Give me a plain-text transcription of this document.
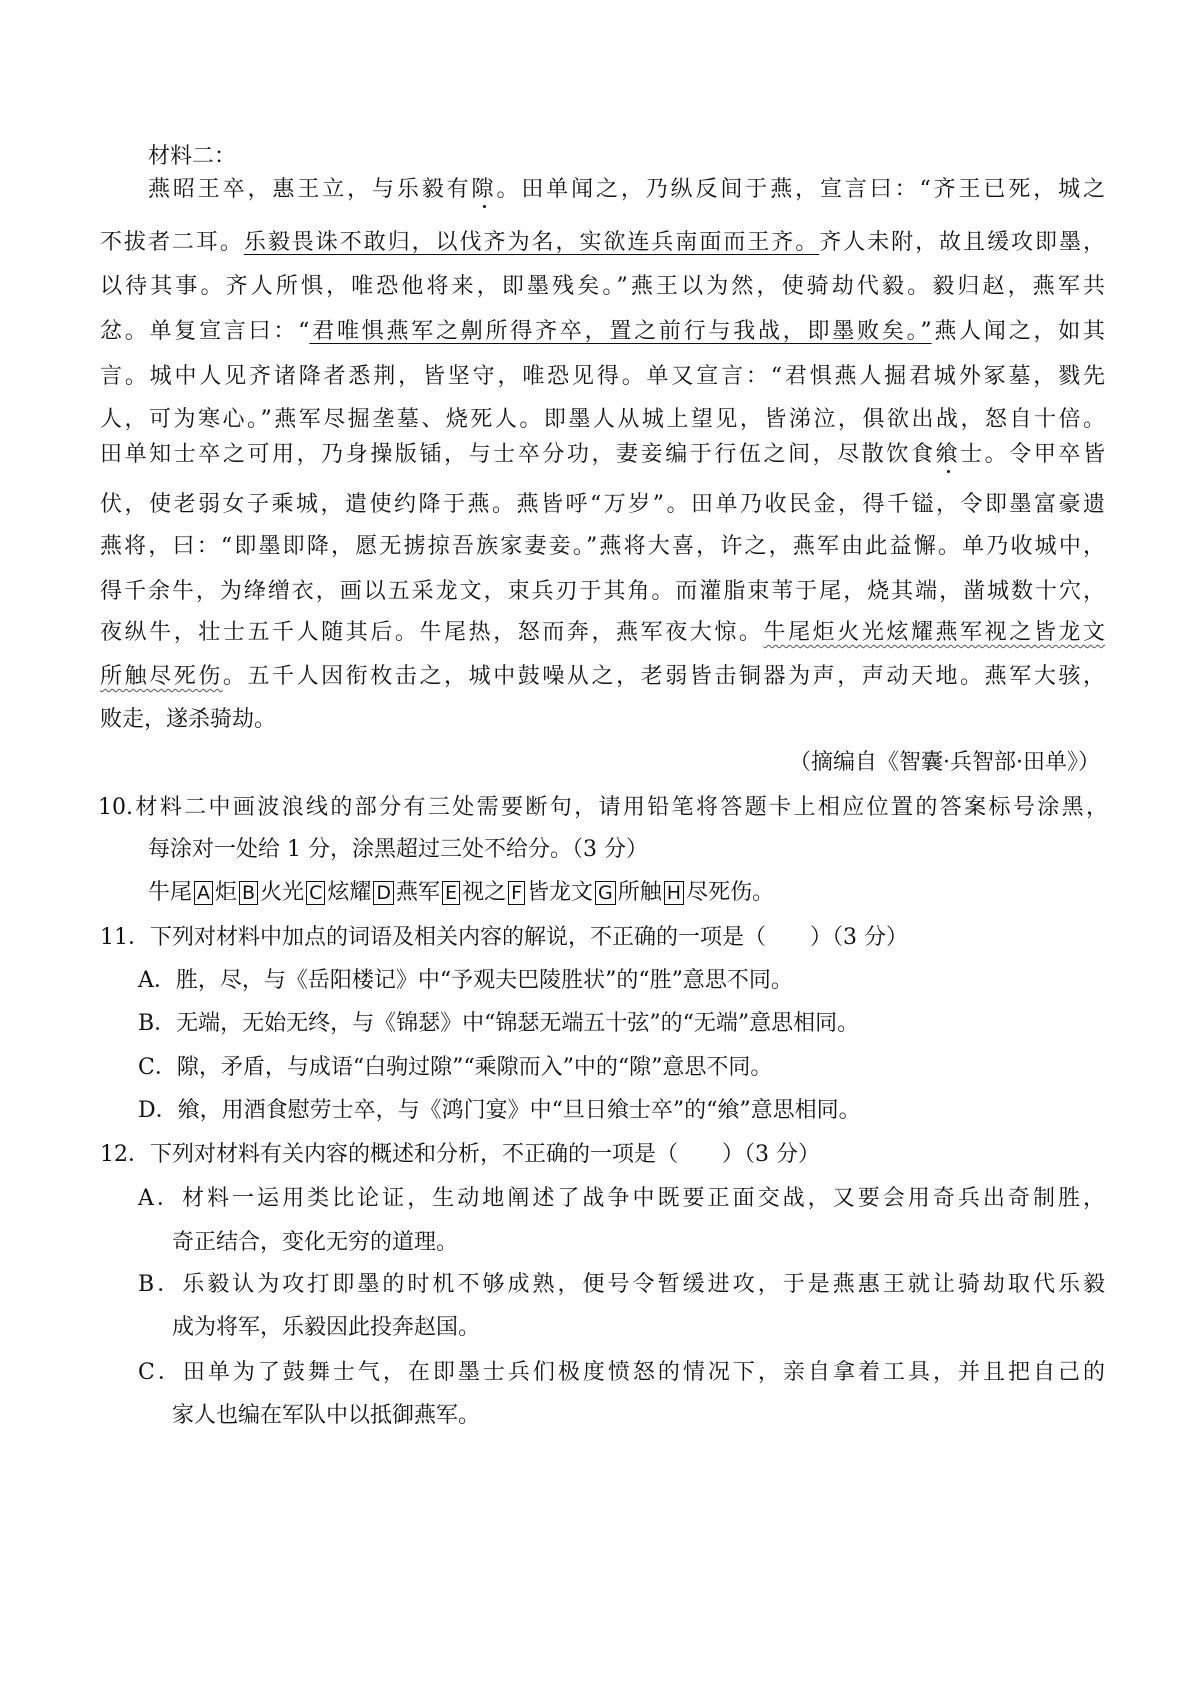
材料二：
燕昭王卒，惠王立，与乐毅有隙。田单闻之，乃纵反间于燕，宣言曰：“齐王已死，城之
不拔者二耳。乐毅畏诛不敢归，以伐齐为名，实欲连兵南面而王齐。齐人未附，故且缓攻即墨，
以待其事。齐人所惧，唯恐他将来，即墨残矣。”燕王以为然，使骑劫代毅。毅归赵，燕军共
忿。单复宣言曰：“君唯惧燕军之劓所得齐卒，置之前行与我战，即墨败矣。”燕人闻之，如其
言。城中人见齐诸降者悉荆，皆坚守，唯恐见得。单又宣言：“君惧燕人掘君城外冢墓，戮先
人，可为寒心。”燕军尽掘垄墓、烧死人。即墨人从城上望见，皆涕泣，俱欲出战，怒自十倍。
田单知士卒之可用，乃身操版锸，与士卒分功，妻妾编于行伍之间，尽散饮食飨士。令甲卒皆
伏，使老弱女子乘城，遣使约降于燕。燕皆呼“万岁”。田单乃收民金，得千镒，令即墨富豪遗
燕将，曰：“即墨即降，愿无掳掠吾族家妻妾。”燕将大喜，许之，燕军由此益懈。单乃收城中，
得千余牛，为绛缯衣，画以五采龙文，束兵刃于其角。而灌脂束苇于尾，烧其端，凿城数十穴，
夜纵牛，壮士五千人随其后。牛尾热，怒而奔，燕军夜大惊。牛尾炬火光炫耀燕军视之皆龙文
所触尽死伤。五千人因衔枚击之，城中鼓噪从之，老弱皆击铜器为声，声动天地。燕军大骇，
败走，遂杀骑劫。
（摘编自《智囊·兵智部·田单》）
10.材料二中画波浪线的部分有三处需要断句，请用铅笔将答题卡上相应位置的答案标号涂黑，
每涂对一处给 1 分，涂黑超过三处不给分。（3 分）
牛尾 A 炬 B 火光 C 炫耀 D 燕军 E 视之 F 皆龙文 G 所触 H 尽死伤。
11．下列对材料中加点的词语及相关内容的解说，不正确的一项是（　　）（3 分）
A．胜，尽，与《岳阳楼记》中“予观夫巴陵胜状”的“胜”意思不同。
B．无端，无始无终，与《锦瑟》中“锦瑟无端五十弦”的“无端”意思相同。
C．隙，矛盾，与成语“白驹过隙”“乘隙而入”中的“隙”意思不同。
D．飨，用酒食慰劳士卒，与《鸿门宴》中“旦日飨士卒”的“飨”意思相同。
12．下列对材料有关内容的概述和分析，不正确的一项是（　　）（3 分）
A．材料一运用类比论证，生动地阐述了战争中既要正面交战，又要会用奇兵出奇制胜，
奇正结合，变化无穷的道理。
B．乐毅认为攻打即墨的时机不够成熟，便号令暂缓进攻，于是燕惠王就让骑劫取代乐毅
成为将军，乐毅因此投奔赵国。
C．田单为了鼓舞士气，在即墨士兵们极度愤怒的情况下，亲自拿着工具，并且把自己的
家人也编在军队中以抵御燕军。
